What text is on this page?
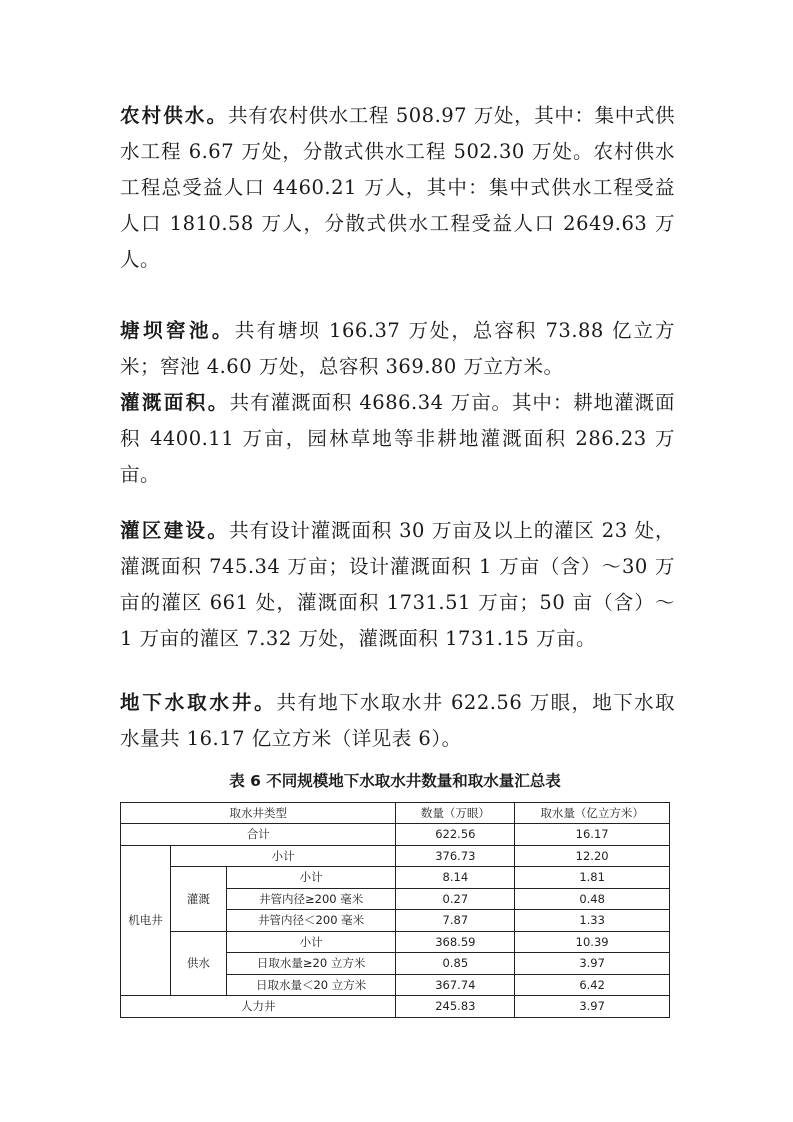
农村供水。共有农村供水工程 508.97 万处，其中：集中式供水工程 6.67 万处，分散式供水工程 502.30 万处。农村供水工程总受益人口 4460.21 万人，其中：集中式供水工程受益人口 1810.58 万人，分散式供水工程受益人口 2649.63 万人。

塘坝窖池。共有塘坝 166.37 万处，总容积 73.88 亿立方米；窖池 4.60 万处，总容积 369.80 万立方米。

灌溉面积。共有灌溉面积 4686.34 万亩。其中：耕地灌溉面积 4400.11 万亩，园林草地等非耕地灌溉面积 286.23 万亩。

灌区建设。共有设计灌溉面积 30 万亩及以上的灌区 23 处，灌溉面积 745.34 万亩；设计灌溉面积 1 万亩（含）～30 万亩的灌区 661 处，灌溉面积 1731.51 万亩；50 亩（含）～1 万亩的灌区 7.32 万处，灌溉面积 1731.15 万亩。

地下水取水井。共有地下水取水井 622.56 万眼，地下水取水量共 16.17 亿立方米（详见表 6）。

表 6 不同规模地下水取水井数量和取水量汇总表
取水井类型			数量（万眼）	取水量（亿立方米）
合计			622.56	16.17
机电井	小计		376.73	12.20
	灌溉	小计	8.14	1.81
		井管内径≥200 毫米	0.27	0.48
		井管内径＜200 毫米	7.87	1.33
	供水	小计	368.59	10.39
		日取水量≥20 立方米	0.85	3.97
		日取水量＜20 立方米	367.74	6.42
人力井			245.83	3.97
